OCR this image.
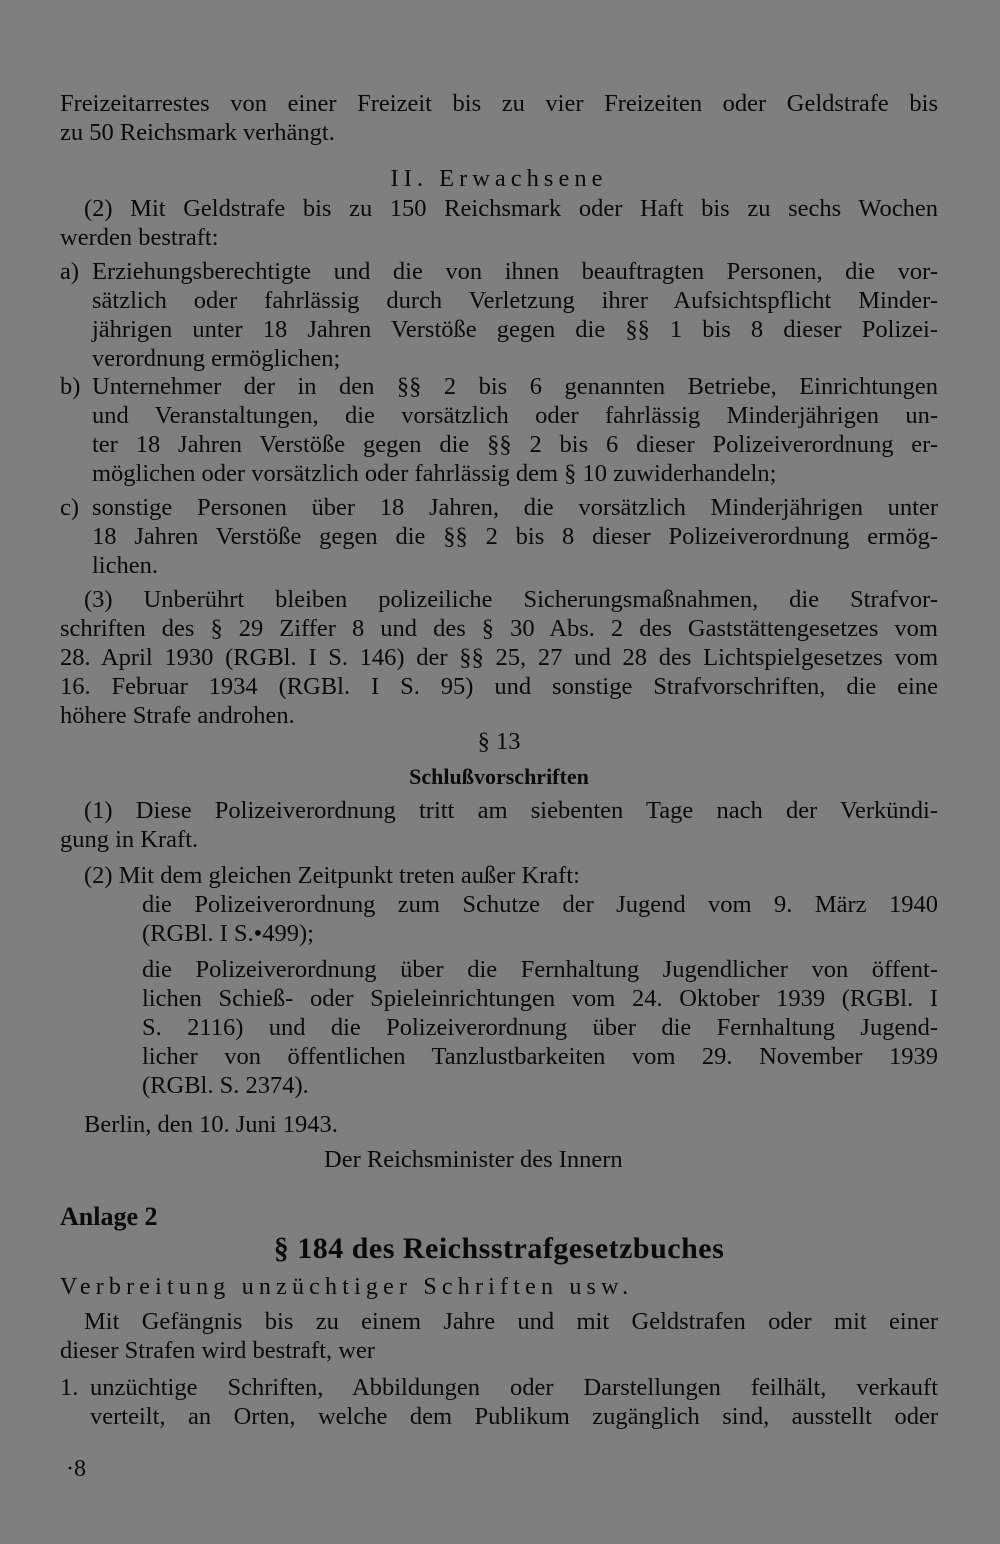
Freizeitarrestes von einer Freizeit bis zu vier Freizeiten oder Geldstrafe bis
zu 50 Reichsmark verhängt.
II. Erwachsene
(2) Mit Geldstrafe bis zu 150 Reichsmark oder Haft bis zu sechs Wochen
werden bestraft:
a) Erziehungsberechtigte und die von ihnen beauftragten Personen, die vor-
sätzlich oder fahrlässig durch Verletzung ihrer Aufsichtspflicht Minder-
jährigen unter 18 Jahren Verstöße gegen die §§ 1 bis 8 dieser Polizei-
verordnung ermöglichen;
b) Unternehmer der in den §§ 2 bis 6 genannten Betriebe, Einrichtungen
und Veranstaltungen, die vorsätzlich oder fahrlässig Minderjährigen un-
ter 18 Jahren Verstöße gegen die §§ 2 bis 6 dieser Polizeiverordnung er-
möglichen oder vorsätzlich oder fahrlässig dem § 10 zuwiderhandeln;
c) sonstige Personen über 18 Jahren, die vorsätzlich Minderjährigen unter
18 Jahren Verstöße gegen die §§ 2 bis 8 dieser Polizeiverordnung ermög-
lichen.
(3) Unberührt bleiben polizeiliche Sicherungsmaßnahmen, die Strafvor-
schriften des § 29 Ziffer 8 und des § 30 Abs. 2 des Gaststättengesetzes vom
28. April 1930 (RGBl. I S. 146) der §§ 25, 27 und 28 des Lichtspielgesetzes vom
16. Februar 1934 (RGBl. I S. 95) und sonstige Strafvorschriften, die eine
höhere Strafe androhen.
§ 13
Schlußvorschriften
(1) Diese Polizeiverordnung tritt am siebenten Tage nach der Verkündi-
gung in Kraft.
(2) Mit dem gleichen Zeitpunkt treten außer Kraft:
die Polizeiverordnung zum Schutze der Jugend vom 9. März 1940
(RGBl. I S.•499);
die Polizeiverordnung über die Fernhaltung Jugendlicher von öffent-
lichen Schieß- oder Spieleinrichtungen vom 24. Oktober 1939 (RGBl. I
S. 2116) und die Polizeiverordnung über die Fernhaltung Jugend-
licher von öffentlichen Tanzlustbarkeiten vom 29. November 1939
(RGBl. S. 2374).
Berlin, den 10. Juni 1943.
Der Reichsminister des Innern
Anlage 2
§ 184 des Reichsstrafgesetzbuches
Verbreitung unzüchtiger Schriften usw.
Mit Gefängnis bis zu einem Jahre und mit Geldstrafen oder mit einer
dieser Strafen wird bestraft, wer
1. unzüchtige Schriften, Abbildungen oder Darstellungen feilhält, verkauft
verteilt, an Orten, welche dem Publikum zugänglich sind, ausstellt oder
·8
